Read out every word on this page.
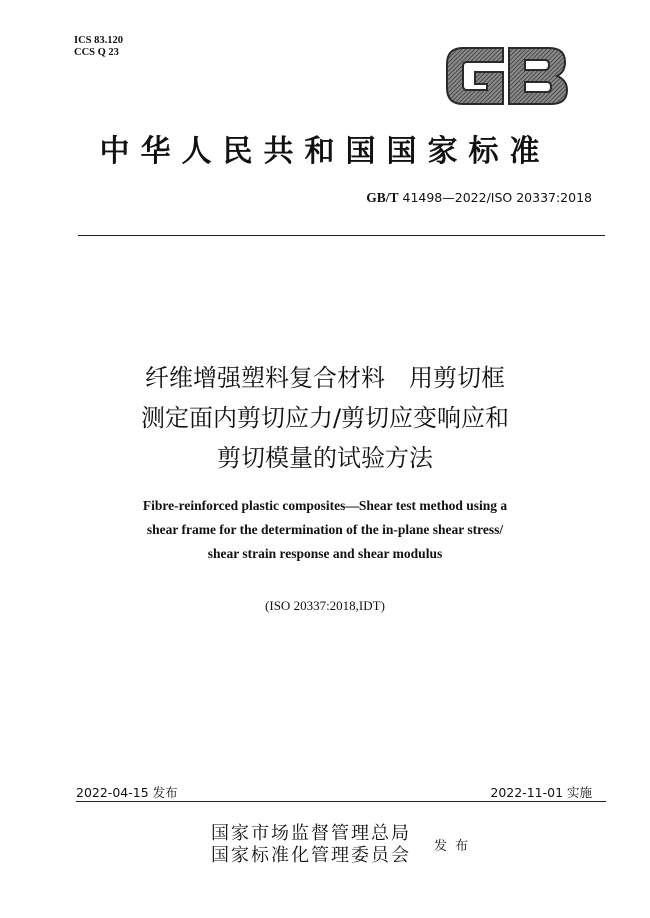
ICS 83.120
CCS Q 23
中华人民共和国国家标准
GB/T 41498—2022/ISO 20337:2018
纤维增强塑料复合材料　用剪切框
测定面内剪切应力/剪切应变响应和
剪切模量的试验方法
Fibre-reinforced plastic composites—Shear test method using a
shear frame for the determination of the in-plane shear stress/
shear strain response and shear modulus
(ISO 20337:2018,IDT)
2022-04-15 发布	2022-11-01 实施
国家市场监督管理总局
国家标准化管理委员会 发布
